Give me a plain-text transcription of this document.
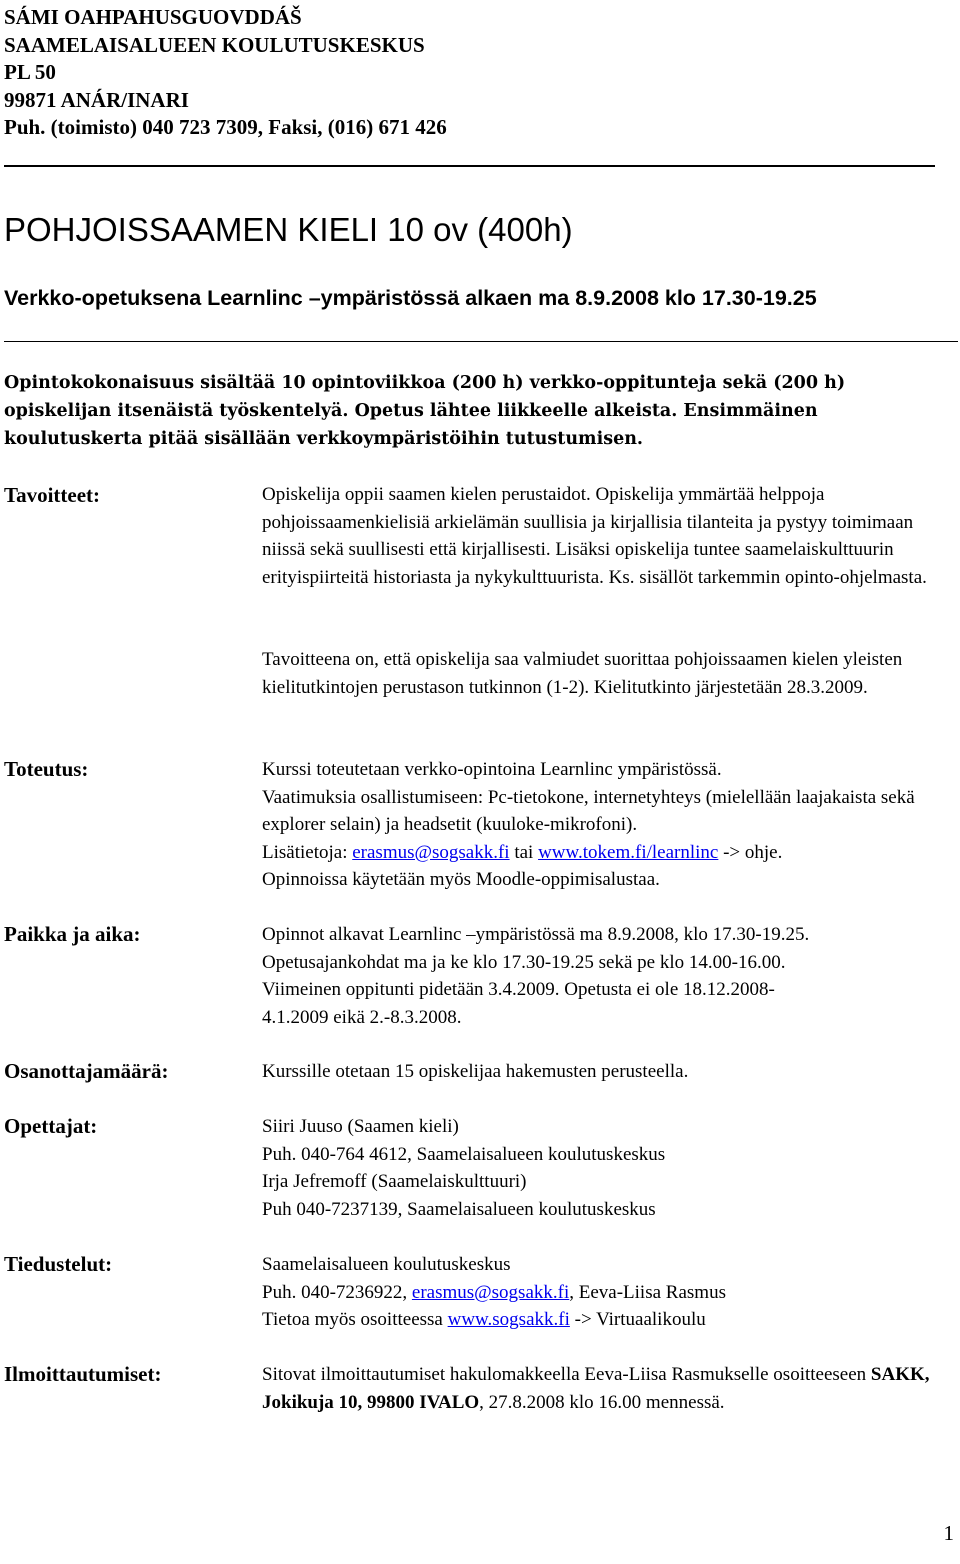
SÁMI OAHPAHUSGUOVDDÁŠ
SAAMELAISALUEEN KOULUTUSKESKUS
PL 50
99871 ANÁR/INARI
Puh. (toimisto) 040 723 7309, Faksi, (016) 671 426
POHJOISSAAMEN KIELI 10 ov (400h)
Verkko-opetuksena Learnlinc –ympäristössä alkaen ma 8.9.2008 klo 17.30-19.25
Opintokokonaisuus sisältää 10 opintoviikkoa (200 h) verkko-oppitunteja sekä (200 h) opiskelijan itsenäistä työskentelyä. Opetus lähtee liikkeelle alkeista. Ensimmäinen koulutuskerta pitää sisällään verkkoympäristöihin tutustumisen.
Tavoitteet:	Opiskelija oppii saamen kielen perustaidot. Opiskelija ymmärtää helppoja pohjoissaamenkielisiä arkielämän suullisia ja kirjallisia tilanteita ja pystyy toimimaan niissä sekä suullisesti että kirjallisesti. Lisäksi opiskelija tuntee saamelaiskulttuurin erityispiirteitä historiasta ja nykykulttuurista. Ks. sisällöt tarkemmin opinto-ohjelmasta.
Tavoitteena on, että opiskelija saa valmiudet suorittaa pohjoissaamen kielen yleisten kielitutkintojen perustason tutkinnon (1-2). Kielitutkinto järjestetään 28.3.2009.
Toteutus:	Kurssi toteutetaan verkko-opintoina Learnlinc ympäristössä.
Vaatimuksia osallistumiseen: Pc-tietokone, internetyhteys (mielellään laajakaista sekä explorer selain) ja headsetit (kuuloke-mikrofoni).
Lisätietoja: erasmus@sogsakk.fi tai www.tokem.fi/learnlinc -> ohje.
Opinnoissa käytetään myös Moodle-oppimisalustaa.
Paikka ja aika:	Opinnot alkavat Learnlinc –ympäristössä ma 8.9.2008, klo 17.30-19.25.
Opetusajankohdat ma ja ke klo 17.30-19.25 sekä pe klo 14.00-16.00.
Viimeinen oppitunti pidetään 3.4.2009. Opetusta ei ole 18.12.2008-4.1.2009 eikä 2.-8.3.2008.
Osanottajamäärä:	Kurssille otetaan 15 opiskelijaa hakemusten perusteella.
Opettajat:	Siiri Juuso (Saamen kieli)
Puh. 040-764 4612, Saamelaisalueen koulutuskeskus
Irja Jefremoff (Saamelaiskulttuuri)
Puh 040-7237139, Saamelaisalueen koulutuskeskus
Tiedustelut:	Saamelaisalueen koulutuskeskus
Puh. 040-7236922, erasmus@sogsakk.fi, Eeva-Liisa Rasmus
Tietoa myös osoitteessa www.sogsakk.fi -> Virtuaalikoulu
Ilmoittautumiset:	Sitovat ilmoittautumiset hakulomakkeella Eeva-Liisa Rasmukselle osoitteeseen SAKK, Jokikuja 10, 99800 IVALO, 27.8.2008 klo 16.00 mennessä.
1
